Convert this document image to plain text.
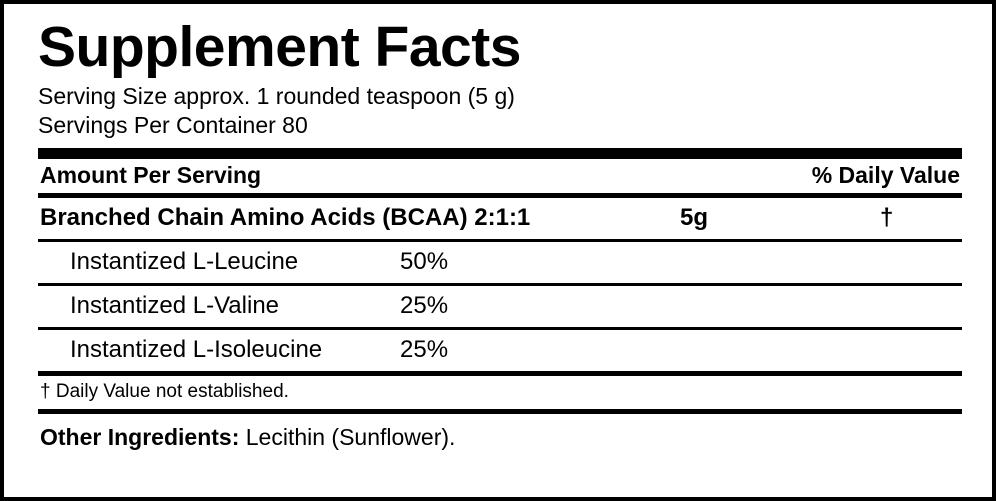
Supplement Facts
Serving Size approx. 1 rounded teaspoon (5 g)
Servings Per Container 80
Amount Per Serving	% Daily Value
Branched Chain Amino Acids (BCAA) 2:1:1	5g	†
Instantized L-Leucine	50%
Instantized L-Valine	25%
Instantized L-Isoleucine	25%
† Daily Value not established.
Other Ingredients: Lecithin (Sunflower).
